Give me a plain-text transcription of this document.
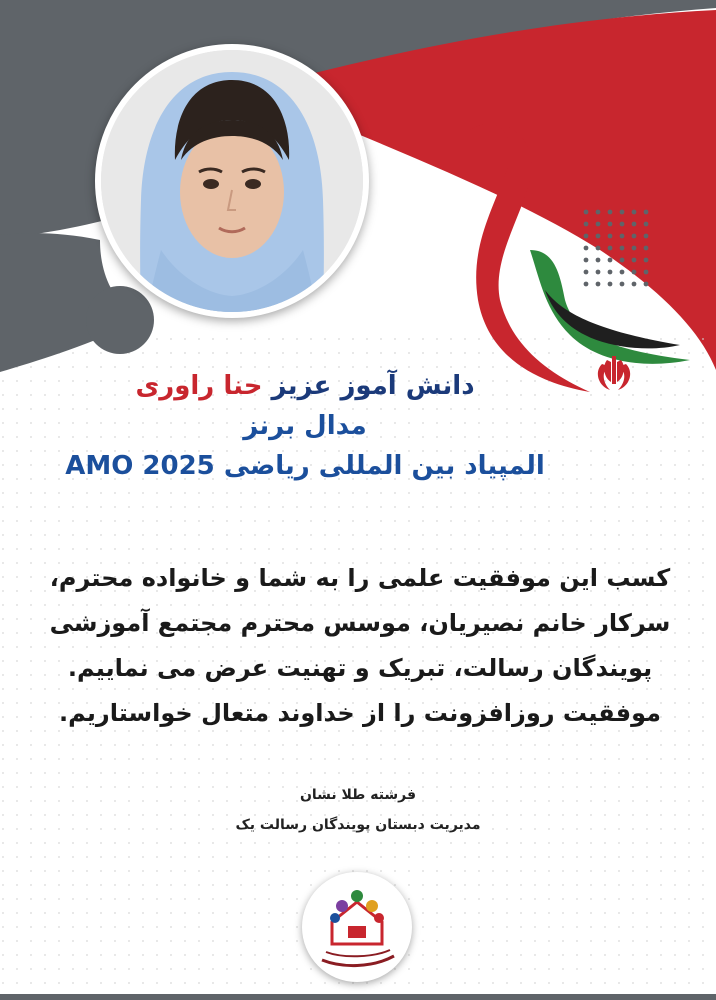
دانش آموز عزیز حنا راوری

مدال برنز

المپیاد بین المللی ریاضی AMO 2025

کسب این موفقیت علمی را به شما و خانواده محترم،

سرکار خانم نصیریان، موسس محترم مجتمع آموزشی

پویندگان رسالت، تبریک و تهنیت عرض می نماییم.

موفقیت روزافزونت را از خداوند متعال خواستاریم.

فرشته طلا نشان

مدیریت دبستان پویندگان رسالت یک
